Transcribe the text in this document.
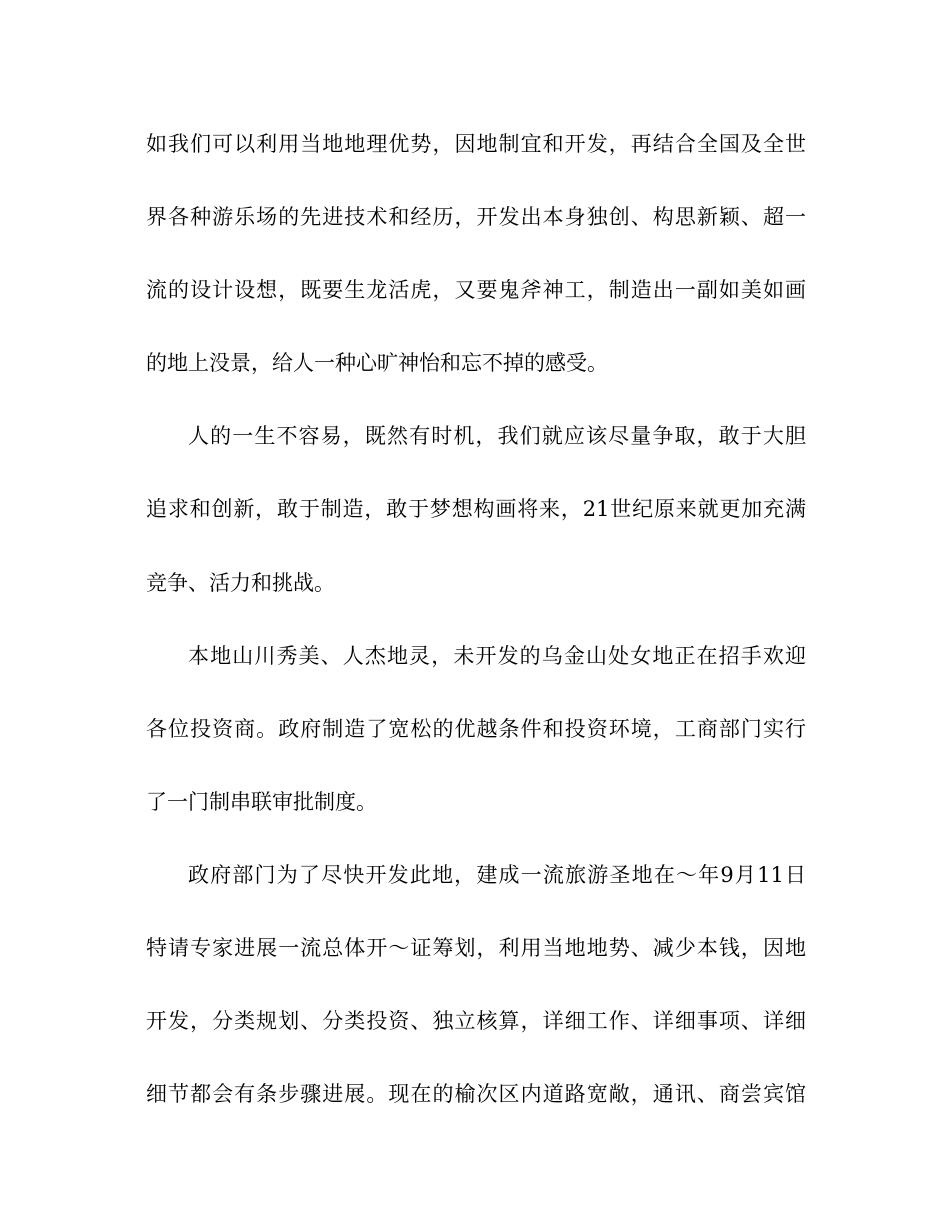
如我们可以利用当地地理优势，因地制宜和开发，再结合全国及全世
界各种游乐场的先进技术和经历，开发出本身独创、构思新颖、超一
流的设计设想，既要生龙活虎，又要鬼斧神工，制造出一副如美如画
的地上没景，给人一种心旷神怡和忘不掉的感受。
人的一生不容易，既然有时机，我们就应该尽量争取，敢于大胆
追求和创新，敢于制造，敢于梦想构画将来，21世纪原来就更加充满
竞争、活力和挑战。
本地山川秀美、人杰地灵，未开发的乌金山处女地正在招手欢迎
各位投资商。政府制造了宽松的优越条件和投资环境，工商部门实行
了一门制串联审批制度。
政府部门为了尽快开发此地，建成一流旅游圣地在～年9月11日
特请专家进展一流总体开～证筹划，利用当地地势、减少本钱，因地
开发，分类规划、分类投资、独立核算，详细工作、详细事项、详细
细节都会有条步骤进展。现在的榆次区内道路宽敞，通讯、商尝宾馆
